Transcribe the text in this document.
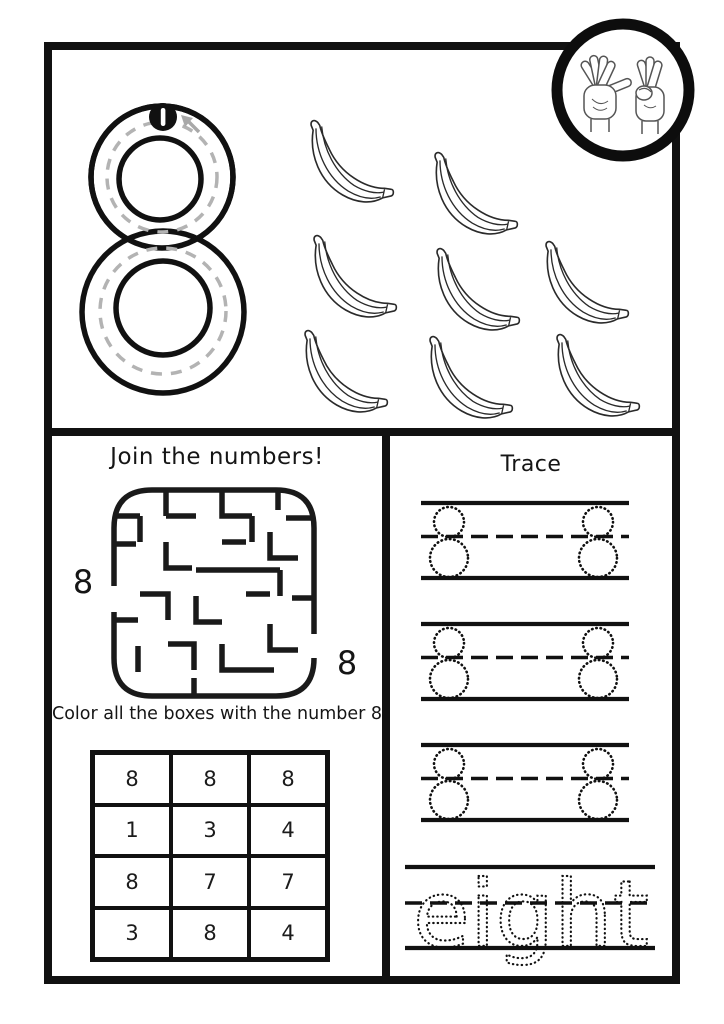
Join the numbers!
8
8
Color all the boxes with the number 8
8	8	8
1	3	4
8	7	7
3	8	4
Trace
eight
